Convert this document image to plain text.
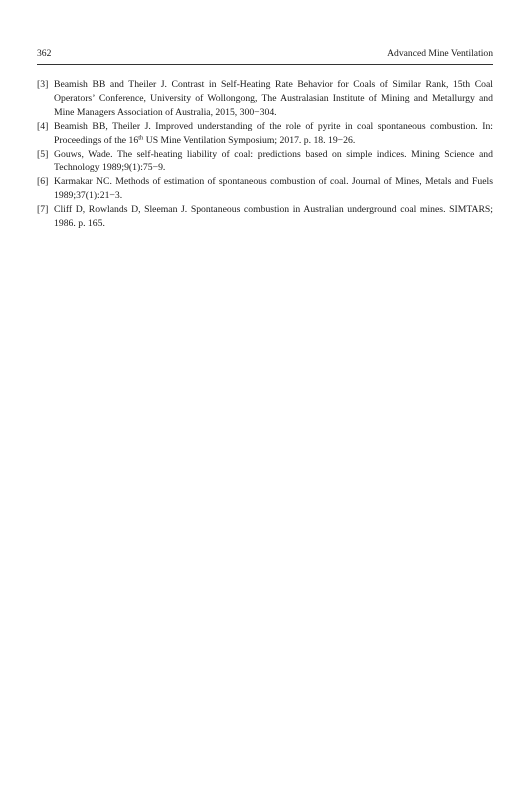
362	Advanced Mine Ventilation
[3] Beamish BB and Theiler J. Contrast in Self-Heating Rate Behavior for Coals of Similar Rank, 15th Coal Operators’ Conference, University of Wollongong, The Australasian Institute of Mining and Metallurgy and Mine Managers Association of Australia, 2015, 300−304.
[4] Beamish BB, Theiler J. Improved understanding of the role of pyrite in coal spontaneous combustion. In: Proceedings of the 16th US Mine Ventilation Symposium; 2017. p. 18. 19−26.
[5] Gouws, Wade. The self-heating liability of coal: predictions based on simple indices. Mining Science and Technology 1989;9(1):75−9.
[6] Karmakar NC. Methods of estimation of spontaneous combustion of coal. Journal of Mines, Metals and Fuels 1989;37(1):21−3.
[7] Cliff D, Rowlands D, Sleeman J. Spontaneous combustion in Australian underground coal mines. SIMTARS; 1986. p. 165.
